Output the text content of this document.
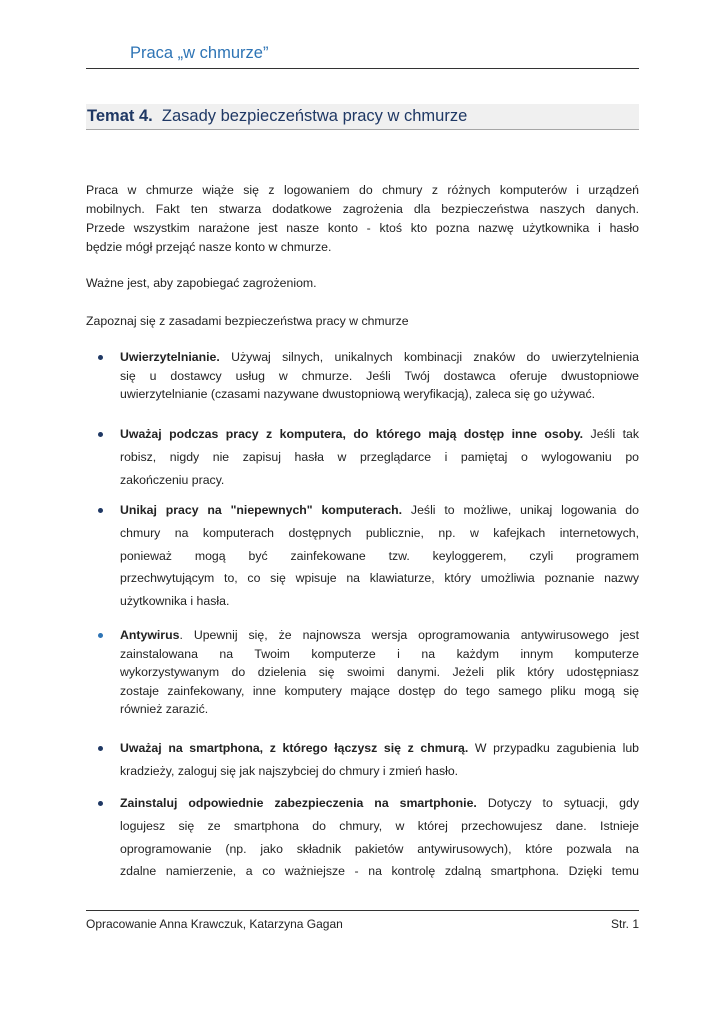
Praca „w chmurze”
Temat 4. Zasady bezpieczeństwa pracy w chmurze
Praca w chmurze wiąże się z logowaniem do chmury z różnych komputerów i urządzeń
mobilnych. Fakt ten stwarza dodatkowe zagrożenia dla bezpieczeństwa naszych danych.
Przede wszystkim narażone jest nasze konto - ktoś kto pozna nazwę użytkownika i hasło
będzie mógł przejąć nasze konto w chmurze.
Ważne jest, aby zapobiegać zagrożeniom.
Zapoznaj się z zasadami bezpieczeństwa pracy w chmurze
Uwierzytelnianie. Używaj silnych, unikalnych kombinacji znaków do uwierzytelnienia
się u dostawcy usług w chmurze. Jeśli Twój dostawca oferuje dwustopniowe
uwierzytelnianie (czasami nazywane dwustopniową weryfikacją), zaleca się go używać.
Uważaj podczas pracy z komputera, do którego mają dostęp inne osoby. Jeśli tak
robisz, nigdy nie zapisuj hasła w przeglądarce i pamiętaj o wylogowaniu po
zakończeniu pracy.
Unikaj pracy na "niepewnych" komputerach. Jeśli to możliwe, unikaj logowania do
chmury na komputerach dostępnych publicznie, np. w kafejkach internetowych,
ponieważ mogą być zainfekowane tzw. keyloggerem, czyli programem
przechwytującym to, co się wpisuje na klawiaturze, który umożliwia poznanie nazwy
użytkownika i hasła.
Antywirus. Upewnij się, że najnowsza wersja oprogramowania antywirusowego jest
zainstalowana na Twoim komputerze i na każdym innym komputerze
wykorzystywanym do dzielenia się swoimi danymi. Jeżeli plik który udostępniasz
zostaje zainfekowany, inne komputery mające dostęp do tego samego pliku mogą się
również zarazić.
Uważaj na smartphona, z którego łączysz się z chmurą. W przypadku zagubienia lub
kradzieży, zaloguj się jak najszybciej do chmury i zmień hasło.
Zainstaluj odpowiednie zabezpieczenia na smartphonie. Dotyczy to sytuacji, gdy
logujesz się ze smartphona do chmury, w której przechowujesz dane. Istnieje
oprogramowanie (np. jako składnik pakietów antywirusowych), które pozwala na
zdalne namierzenie, a co ważniejsze - na kontrolę zdalną smartphona. Dzięki temu
Opracowanie Anna Krawczuk, Katarzyna Gagan	Str. 1
